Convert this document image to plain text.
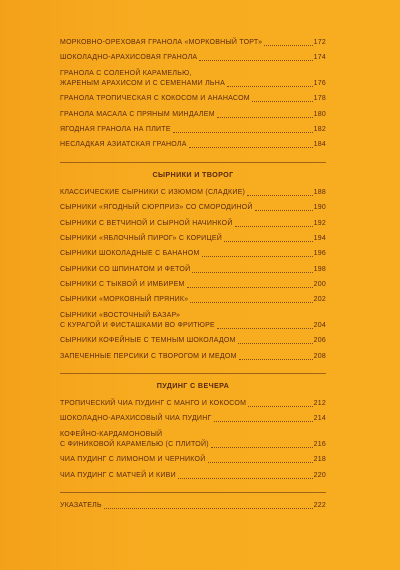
МОРКОВНО-ОРЕХОВАЯ ГРАНОЛА «МОРКОВНЫЙ ТОРТ»	172
ШОКОЛАДНО-АРАХИСОВАЯ ГРАНОЛА	174
ГРАНОЛА С СОЛЕНОЙ КАРАМЕЛЬЮ,
ЖАРЕНЫМ АРАХИСОМ И С СЕМЕНАМИ ЛЬНА	176
ГРАНОЛА ТРОПИЧЕСКАЯ С КОКОСОМ И АНАНАСОМ	178
ГРАНОЛА МАСАЛА С ПРЯНЫМ МИНДАЛЕМ	180
ЯГОДНАЯ ГРАНОЛА НА ПЛИТЕ	182
НЕСЛАДКАЯ АЗИАТСКАЯ ГРАНОЛА	184
СЫРНИКИ И ТВОРОГ
КЛАССИЧЕСКИЕ СЫРНИКИ С ИЗЮМОМ (СЛАДКИЕ)	188
СЫРНИКИ «ЯГОДНЫЙ СЮРПРИЗ» СО СМОРОДИНОЙ	190
СЫРНИКИ С ВЕТЧИНОЙ И СЫРНОЙ НАЧИНКОЙ	192
СЫРНИКИ «ЯБЛОЧНЫЙ ПИРОГ» С КОРИЦЕЙ	194
СЫРНИКИ ШОКОЛАДНЫЕ С БАНАНОМ	196
СЫРНИКИ СО ШПИНАТОМ И ФЕТОЙ	198
СЫРНИКИ С ТЫКВОЙ И ИМБИРЕМ	200
СЫРНИКИ «МОРКОВНЫЙ ПРЯНИК»	202
СЫРНИКИ «ВОСТОЧНЫЙ БАЗАР»
С КУРАГОЙ И ФИСТАШКАМИ ВО ФРИТЮРЕ	204
СЫРНИКИ КОФЕЙНЫЕ С ТЕМНЫМ ШОКОЛАДОМ	206
ЗАПЕЧЕННЫЕ ПЕРСИКИ С ТВОРОГОМ И МЕДОМ	208
ПУДИНГ С ВЕЧЕРА
ТРОПИЧЕСКИЙ ЧИА ПУДИНГ С МАНГО И КОКОСОМ	212
ШОКОЛАДНО-АРАХИСОВЫЙ ЧИА ПУДИНГ	214
КОФЕЙНО-КАРДАМОНОВЫЙ
С ФИНИКОВОЙ КАРАМЕЛЬЮ (С ПЛИТОЙ)	216
ЧИА ПУДИНГ С ЛИМОНОМ И ЧЕРНИКОЙ	218
ЧИА ПУДИНГ С МАТЧЕЙ И КИВИ	220
УКАЗАТЕЛЬ	222
